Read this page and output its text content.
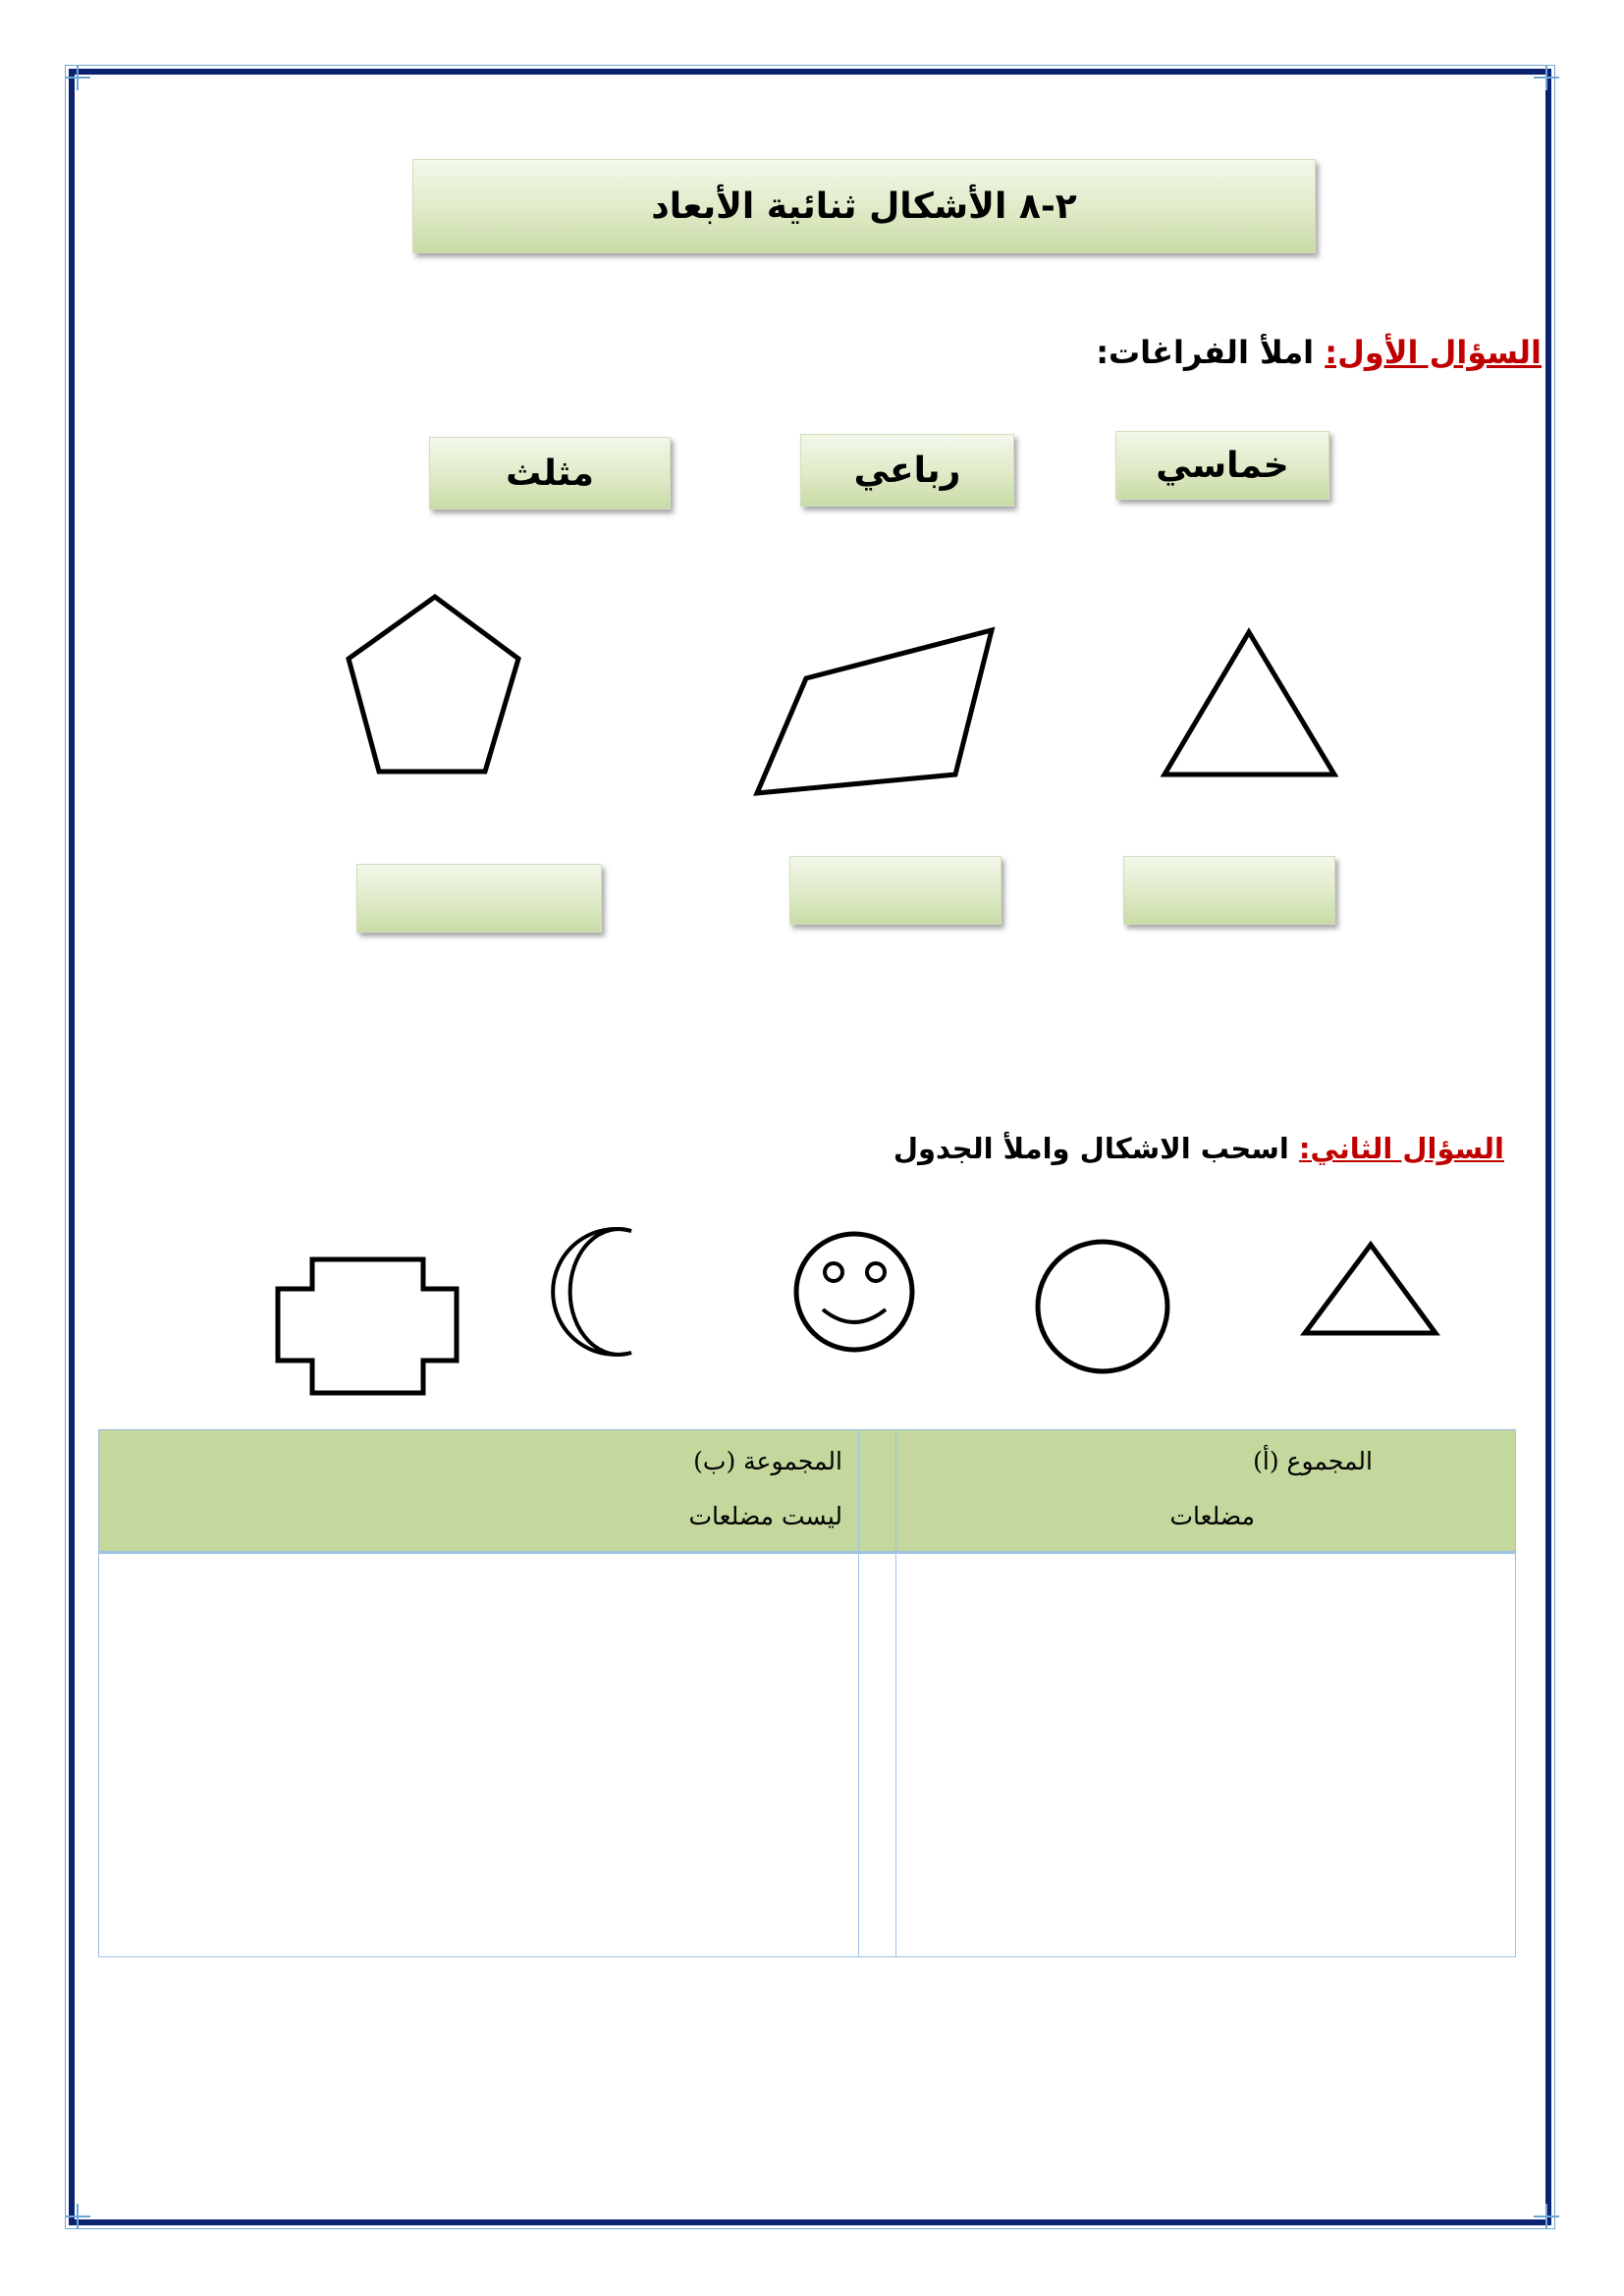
٢-٨ الأشكال ثنائية الأبعاد
السؤال الأول: املأ الفراغات:
مثلث	رباعي	خماسي
السؤال الثاني: اسحب الاشكال واملأ الجدول
المجموع (أ)
مضلعات
المجموعة (ب)
ليست مضلعات
